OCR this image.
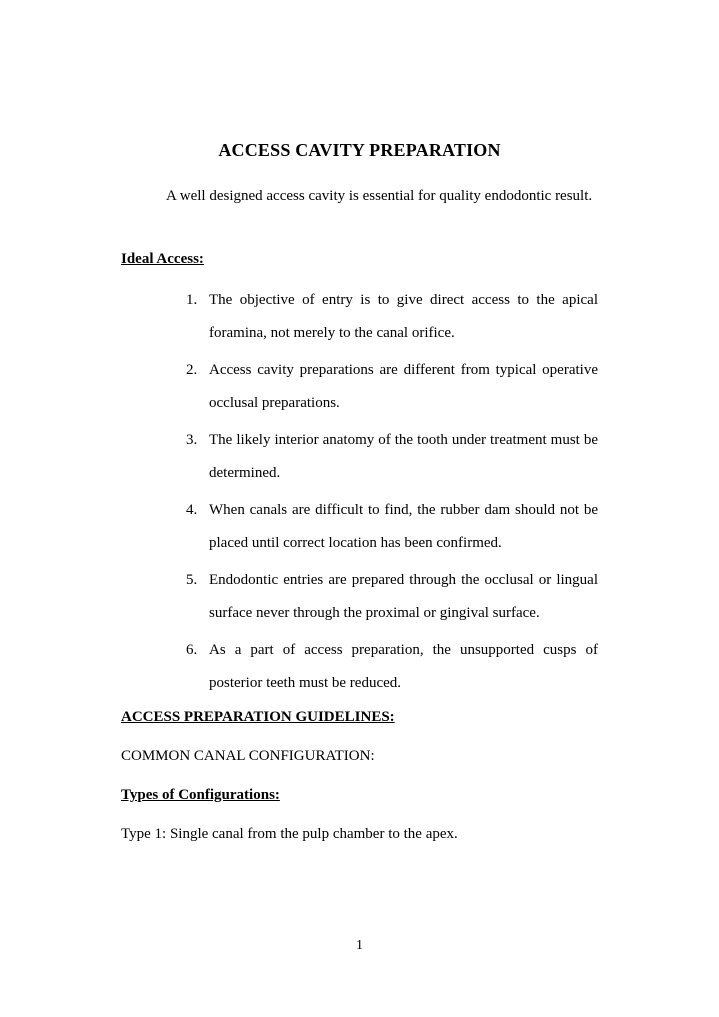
ACCESS CAVITY PREPARATION
A well designed access cavity is essential for quality endodontic result.
Ideal Access:
1. The objective of entry is to give direct access to the apical foramina, not merely to the canal orifice.
2. Access cavity preparations are different from typical operative occlusal preparations.
3. The likely interior anatomy of the tooth under treatment must be determined.
4. When canals are difficult to find, the rubber dam should not be placed until correct location has been confirmed.
5. Endodontic entries are prepared through the occlusal or lingual surface never through the proximal or gingival surface.
6. As a part of access preparation, the unsupported cusps of posterior teeth must be reduced.
ACCESS PREPARATION GUIDELINES:
COMMON CANAL CONFIGURATION:
Types of Configurations:
Type 1: Single canal from the pulp chamber to the apex.
1
